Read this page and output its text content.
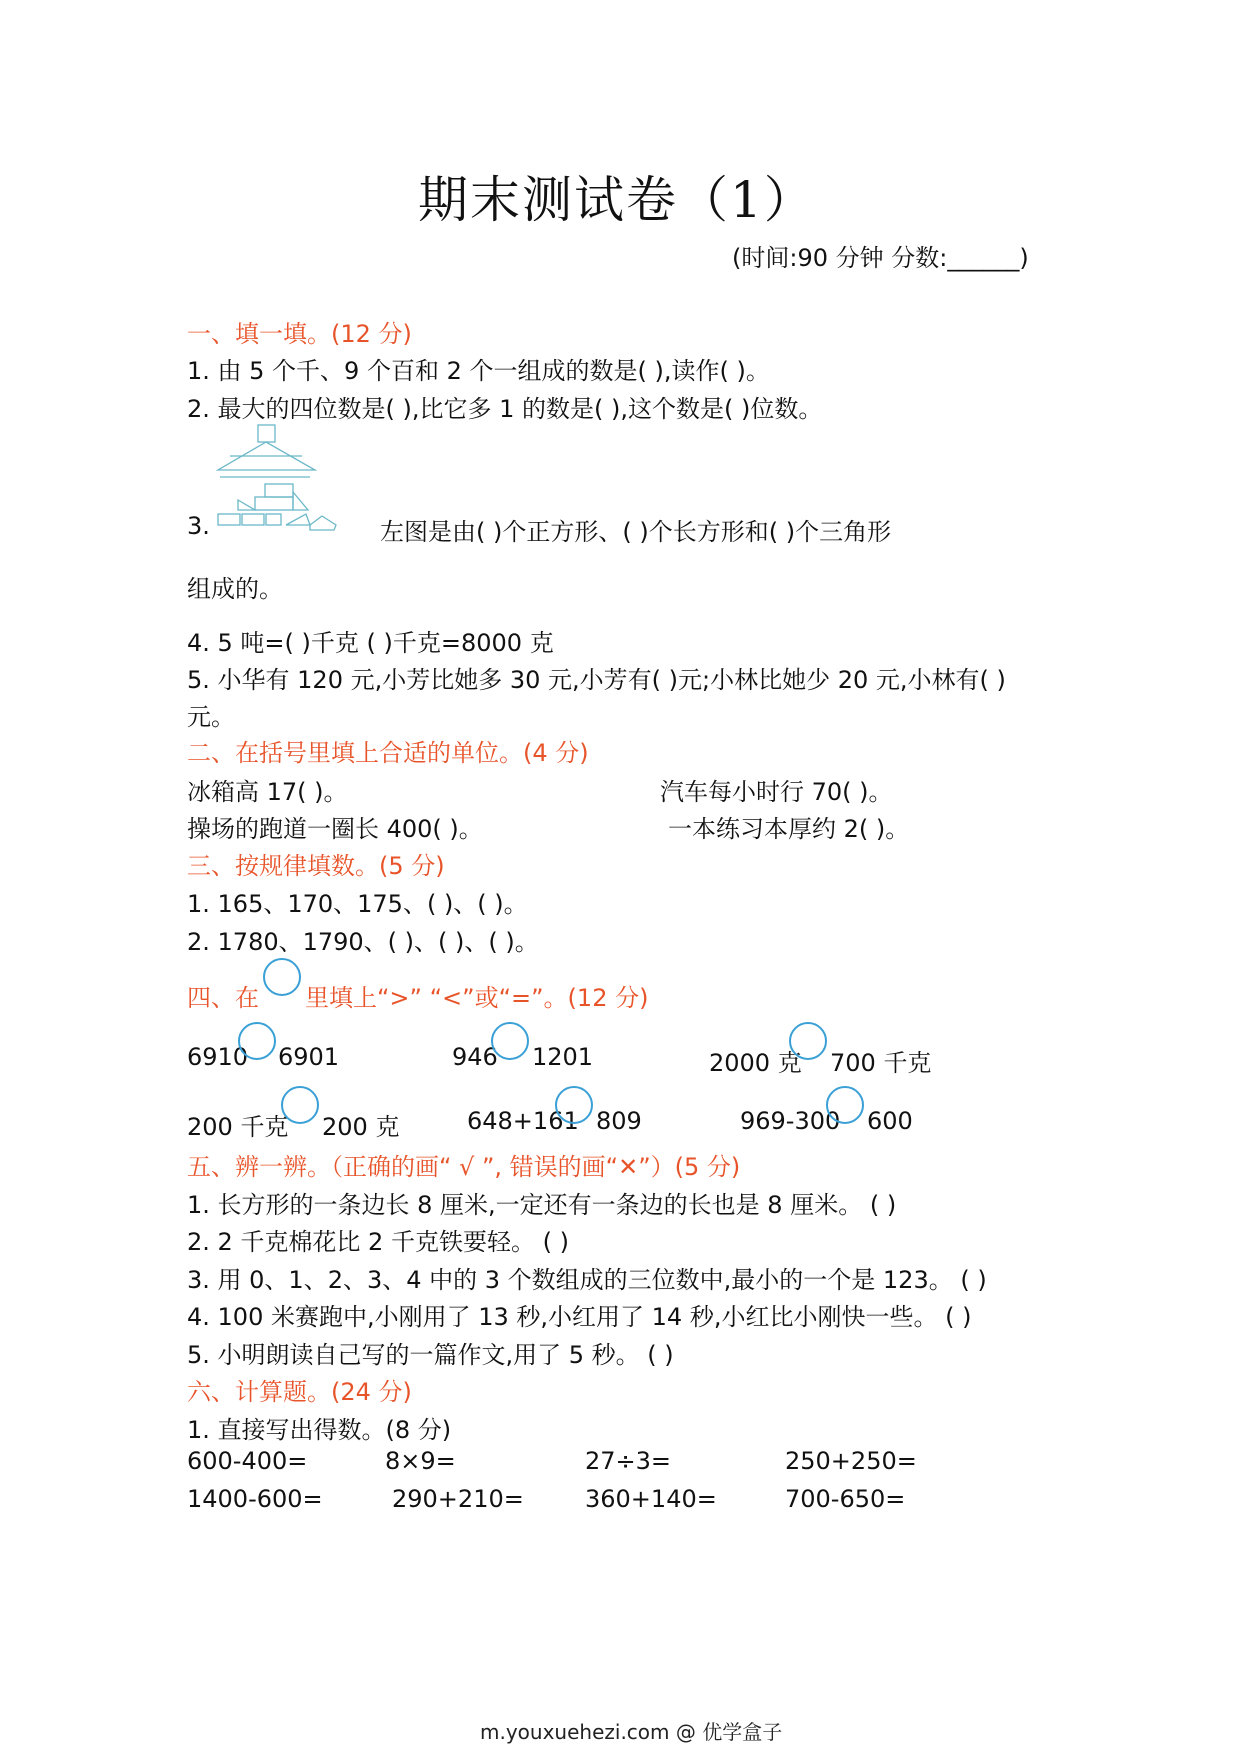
期末测试卷（1）
(时间:90 分钟 分数:______)
一、填一填。(12 分)
1. 由 5 个千、9 个百和 2 个一组成的数是( ),读作( )。
2. 最大的四位数是( ),比它多 1 的数是( ),这个数是( )位数。
3.	左图是由( )个正方形、( )个长方形和( )个三角形
组成的。
4. 5 吨=( )千克 ( )千克=8000 克
5. 小华有 120 元,小芳比她多 30 元,小芳有( )元;小林比她少 20 元,小林有( )
元。
二、在括号里填上合适的单位。(4 分)
冰箱高 17( )。	汽车每小时行 70( )。
操场的跑道一圈长 400( )。	一本练习本厚约 2( )。
三、按规律填数。(5 分)
1. 165、170、175、( )、( )。
2. 1780、1790、( )、( )、( )。
四、在 里填上“>” “<”或“=”。(12 分)
6910 6901	946 1201	2000 克 700 千克
200 千克 200 克	648+161 809	969-300 600
五、辨一辨。（正确的画“ √ ”, 错误的画“✕”）(5 分)
1. 长方形的一条边长 8 厘米,一定还有一条边的长也是 8 厘米。 ( )
2. 2 千克棉花比 2 千克铁要轻。 ( )
3. 用 0、1、2、3、4 中的 3 个数组成的三位数中,最小的一个是 123。 ( )
4. 100 米赛跑中,小刚用了 13 秒,小红用了 14 秒,小红比小刚快一些。 ( )
5. 小明朗读自己写的一篇作文,用了 5 秒。 ( )
六、计算题。(24 分)
1. 直接写出得数。(8 分)
600-400=	8×9=	27÷3=	250+250=
1400-600=	290+210=	360+140=	700-650=
m.youxuehezi.com @ 优学盒子
